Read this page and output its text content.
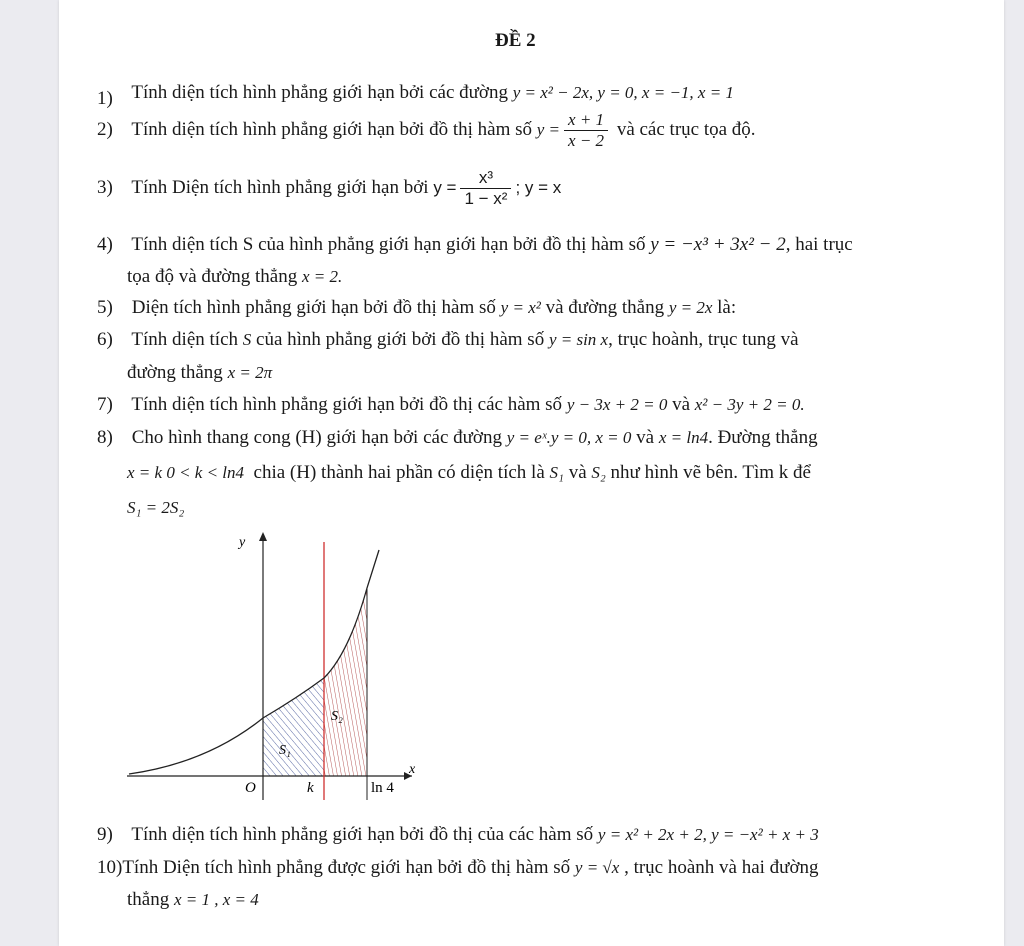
ĐỀ 2
1) Tính diện tích hình phẳng giới hạn bởi các đường y = x² − 2x, y = 0, x = −1, x = 1
2) Tính diện tích hình phẳng giới hạn bởi đồ thị hàm số $y = \frac{x + 1}{x - 2}$ và các trục tọa độ.
3) Tính Diện tích hình phẳng giới hạn bởi $y = \frac{\text{x³}}{\text{1 − x²}}$ ; y = x
4) Tính diện tích S của hình phẳng giới hạn giới hạn bởi đồ thị hàm số y = −x³ + 3x² − 2, hai trục
tọa độ và đường thẳng x = 2.
5) Diện tích hình phẳng giới hạn bởi đồ thị hàm số y = x² và đường thẳng y = 2x là:
6) Tính diện tích S của hình phẳng giới bởi đồ thị hàm số y = sin x, trục hoành, trục tung và
đường thẳng x = 2π
7) Tính diện tích hình phẳng giới hạn bởi đồ thị các hàm số y − 3x + 2 = 0 và x² − 3y + 2 = 0.
8) Cho hình thang cong (H) giới hạn bởi các đường y = eˣ.y = 0, x = 0 và x = ln4. Đường thẳng
x = k 0 < k < ln4 chia (H) thành hai phần có diện tích là S₁ và S₂ như hình vẽ bên. Tìm k để
S₁ = 2S₂
y
x
O	k	ln 4
S₁
S₂
9) Tính diện tích hình phẳng giới hạn bởi đồ thị của các hàm số y = x² + 2x + 2, y = −x² + x + 3
10)Tính Diện tích hình phẳng được giới hạn bởi đồ thị hàm số y = √x , trục hoành và hai đường
thẳng x = 1 , x = 4
